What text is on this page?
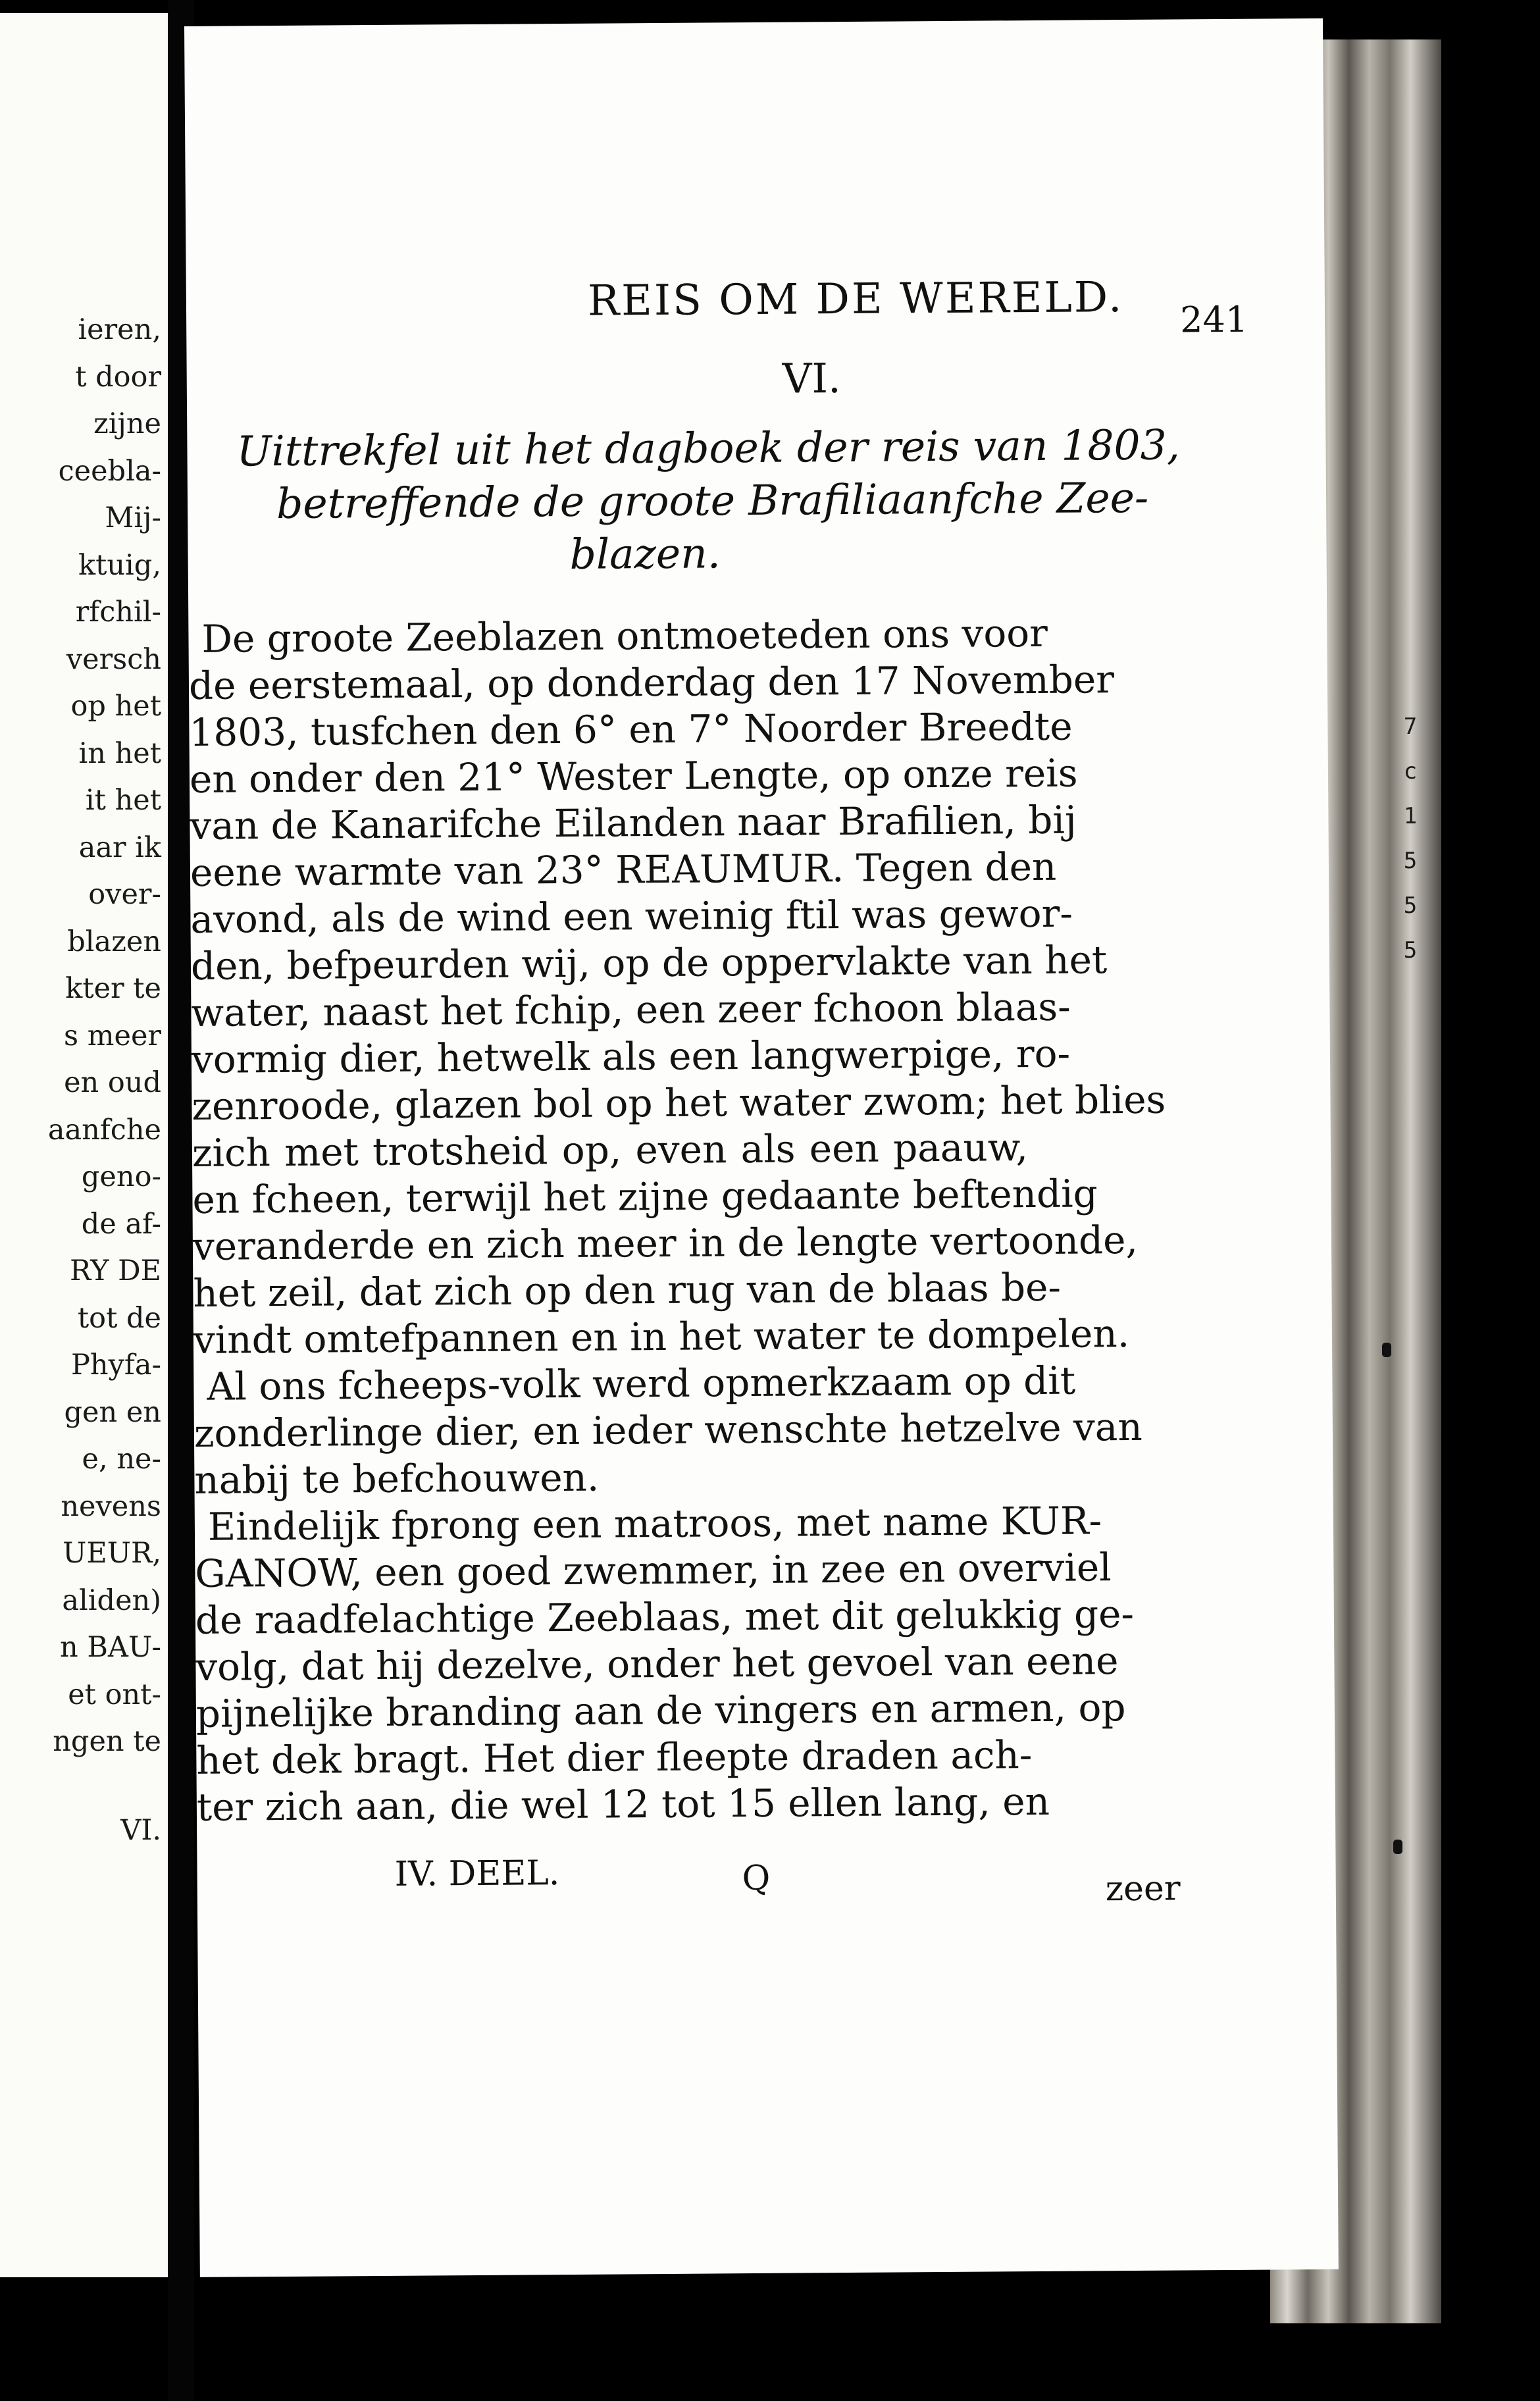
ieren,
t door
zijne
ceebla-
Mij-
ktuig,
rfchil-
versch
op het
in het
it het
aar ik
over-
blazen
kter te
s meer
en oud
aanfche
geno-
de af-
RY DE
tot de
Phyfa-
gen en
e, ne-
nevens
UEUR,
aliden)
n BAU-
et ont-
ngen te
VI.
7
c
1
5
5
5
REIS OM DE WERELD. 241
VI.
Uittrekfel uit het dagboek der reis van 1803,
betreffende de groote Brafiliaanfche Zee-
blazen.
De groote Zeeblazen ontmoeteden ons voor
de eerstemaal, op donderdag den 17 November
1803, tusfchen den 6° en 7° Noorder Breedte
en onder den 21° Wester Lengte, op onze reis
van de Kanarifche Eilanden naar Brafilien, bij
eene warmte van 23° REAUMUR. Tegen den
avond, als de wind een weinig ftil was gewor-
den, befpeurden wij, op de oppervlakte van het
water, naast het fchip, een zeer fchoon blaas-
vormig dier, hetwelk als een langwerpige, ro-
zenroode, glazen bol op het water zwom; het blies
zich met trotsheid op, even als een paauw,
en fcheen, terwijl het zijne gedaante beftendig
veranderde en zich meer in de lengte vertoonde,
het zeil, dat zich op den rug van de blaas be-
vindt omtefpannen en in het water te dompelen.
Al ons fcheeps-volk werd opmerkzaam op dit
zonderlinge dier, en ieder wenschte hetzelve van
nabij te befchouwen.
Eindelijk fprong een matroos, met name KUR-
GANOW, een goed zwemmer, in zee en overviel
de raadfelachtige Zeeblaas, met dit gelukkig ge-
volg, dat hij dezelve, onder het gevoel van eene
pijnelijke branding aan de vingers en armen, op
het dek bragt. Het dier fleepte draden ach-
ter zich aan, die wel 12 tot 15 ellen lang, en
IV. DEEL.	Q	zeer
